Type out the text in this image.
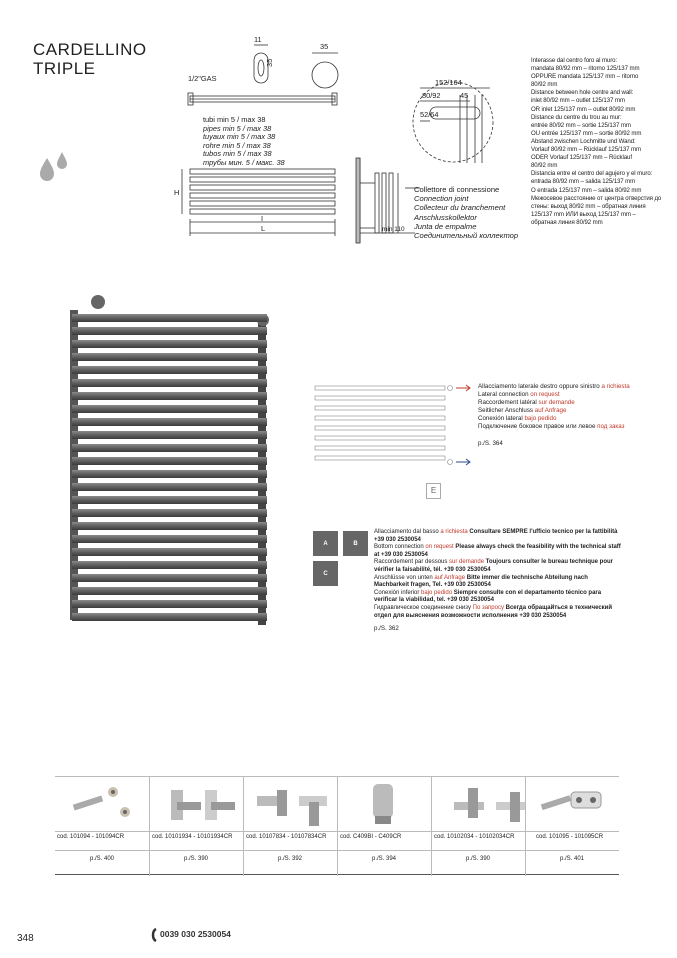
CARDELLINO
TRIPLE
11
35
35
1/2"GAS
H
I
L
152/164
80/92	45
52/64
min 110
tubi min 5 / max 38
pipes min 5 / max 38
tuyaux min 5 / max 38
rohre min 5 / max 38
tubos min 5 / max 38
трубы мин. 5 / макс. 38
Collettore di connessione
Connection joint
Collecteur du branchement
Anschlusskollektor
Junta de empalme
Соединительный коллектор

Interasse dal centro foro al muro:

mandata 80/92 mm – ritorno 125/137 mm

OPPURE mandata 125/137 mm – ritorno

80/92 mm

Distance between hole centre and wall:

inlet 80/92 mm – outlet 125/137 mm

OR inlet 125/137 mm – outlet 80/92 mm

Distance du centre du trou au mur:

entrée 80/92 mm – sortie 125/137 mm

OU entrée 125/137 mm – sortie 80/92 mm

Abstand zwischen Lochmitte und Wand:

Vorlauf 80/92 mm – Rücklauf 125/137 mm

ODER Vorlauf 125/137 mm – Rücklauf

80/92 mm

Distancia entre el centro del agujero y el muro:

entrada 80/92 mm – salida 125/137 mm

O entrada 125/137 mm – salida 80/92 mm

Межосевое расстояние от центра отверстия до

стены: выход 80/92 mm – обратная линия

125/137 mm ИЛИ выход 125/137 mm –

обратная линия 80/92 mm

Allacciamento laterale destro oppure sinistro a richiesta
Lateral connection on request
Raccordement latéral sur demande
Seitlicher Anschluss auf Anfrage
Conexión lateral bajo pedido
Подключение боковое правое или левое под заказ
p./S. 364
E
A	B
C

Allacciamento dal basso a richiesta Consultare SEMPRE l'ufficio tecnico per la fattibilità +39 030 2530054

Bottom connection on request Please always check the feasibility with the technical staff at +39 030 2530054

Raccordement par dessous sur demande Toujours consulter le bureau technique pour vérifier la faisabilité, tél. +39 030 2530054

Anschlüsse von unten auf Anfrage Bitte immer die technische Abteilung nach Machbarkeit fragen, Tel. +39 030 2530054

Conexión inferior bajo pedido Siempre consulte con el departamento técnico para verificar la viabilidad, tel. +39 030 2530054

Гидравлическое соединение снизу По запросу Всегда обращайться в технический отдел для выяснения возможности исполнения +39 030 2530054

p./S. 362

cod. 101094 - 101094CR	cod. 10101934 - 10101934CR cod. 10107834 - 10107834CR cod. C409BI - C409CR	cod. 10102034 - 10102034CR	cod. 101095 - 101095CR
p./S. 400	p./S. 390	p./S. 392	p./S. 394	p./S. 390	p./S. 401
348	0039 030 2530054
